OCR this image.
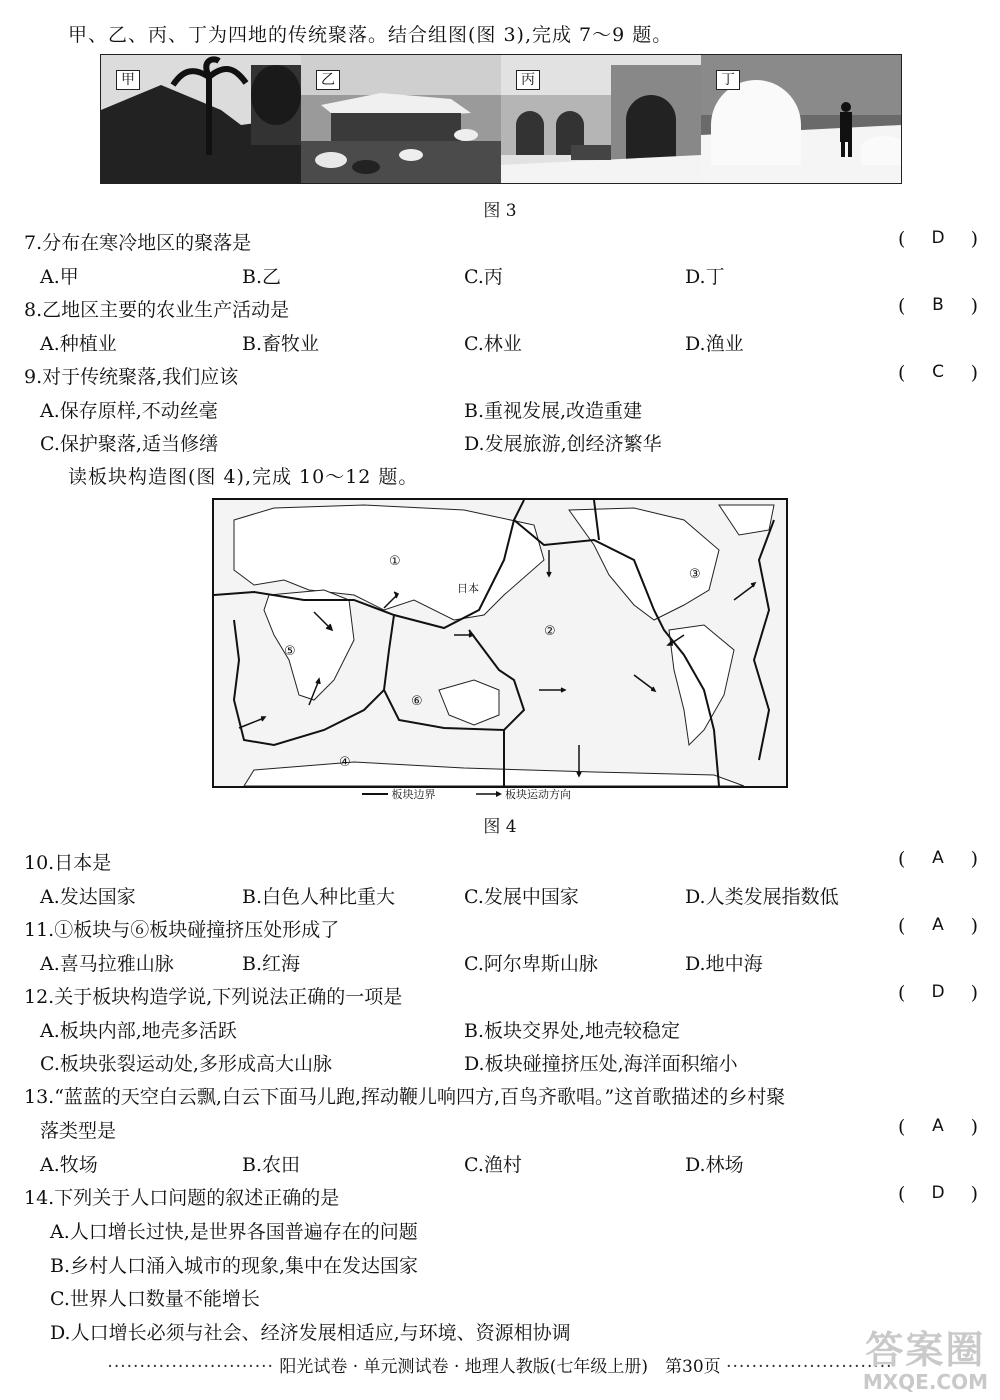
甲、乙、丙、丁为四地的传统聚落。结合组图(图 3),完成 7～9 题。
甲	乙	丙	丁
图 3
7.分布在寒冷地区的聚落是	( D )
A.甲	B.乙	C.丙	D.丁
8.乙地区主要的农业生产活动是	( B )
A.种植业	B.畜牧业	C.林业	D.渔业
9.对于传统聚落,我们应该	( C )
A.保存原样,不动丝毫	B.重视发展,改造重建
C.保护聚落,适当修缮	D.发展旅游,创经济繁华
读板块构造图(图 4),完成 10～12 题。
①
②
③
④
⑤
⑥
日本
板块边界	板块运动方向
图 4
10.日本是	( A )
A.发达国家	B.白色人种比重大	C.发展中国家	D.人类发展指数低
11.①板块与⑥板块碰撞挤压处形成了	( A )
A.喜马拉雅山脉	B.红海	C.阿尔卑斯山脉	D.地中海
12.关于板块构造学说,下列说法正确的一项是	( D )
A.板块内部,地壳多活跃	B.板块交界处,地壳较稳定
C.板块张裂运动处,多形成高大山脉	D.板块碰撞挤压处,海洋面积缩小
13.“蓝蓝的天空白云飘,白云下面马儿跑,挥动鞭儿响四方,百鸟齐歌唱。”这首歌描述的乡村聚
落类型是	( A )
A.牧场	B.农田	C.渔村	D.林场
14.下列关于人口问题的叙述正确的是	( D )
A.人口增长过快,是世界各国普遍存在的问题
B.乡村人口涌入城市的现象,集中在发达国家
C.世界人口数量不能增长
D.人口增长必须与社会、经济发展相适应,与环境、资源相协调
·························· 阳光试卷 · 单元测试卷 · 地理人教版(七年级上册)　第30页 ··························
答案圈
MXQE.COM
